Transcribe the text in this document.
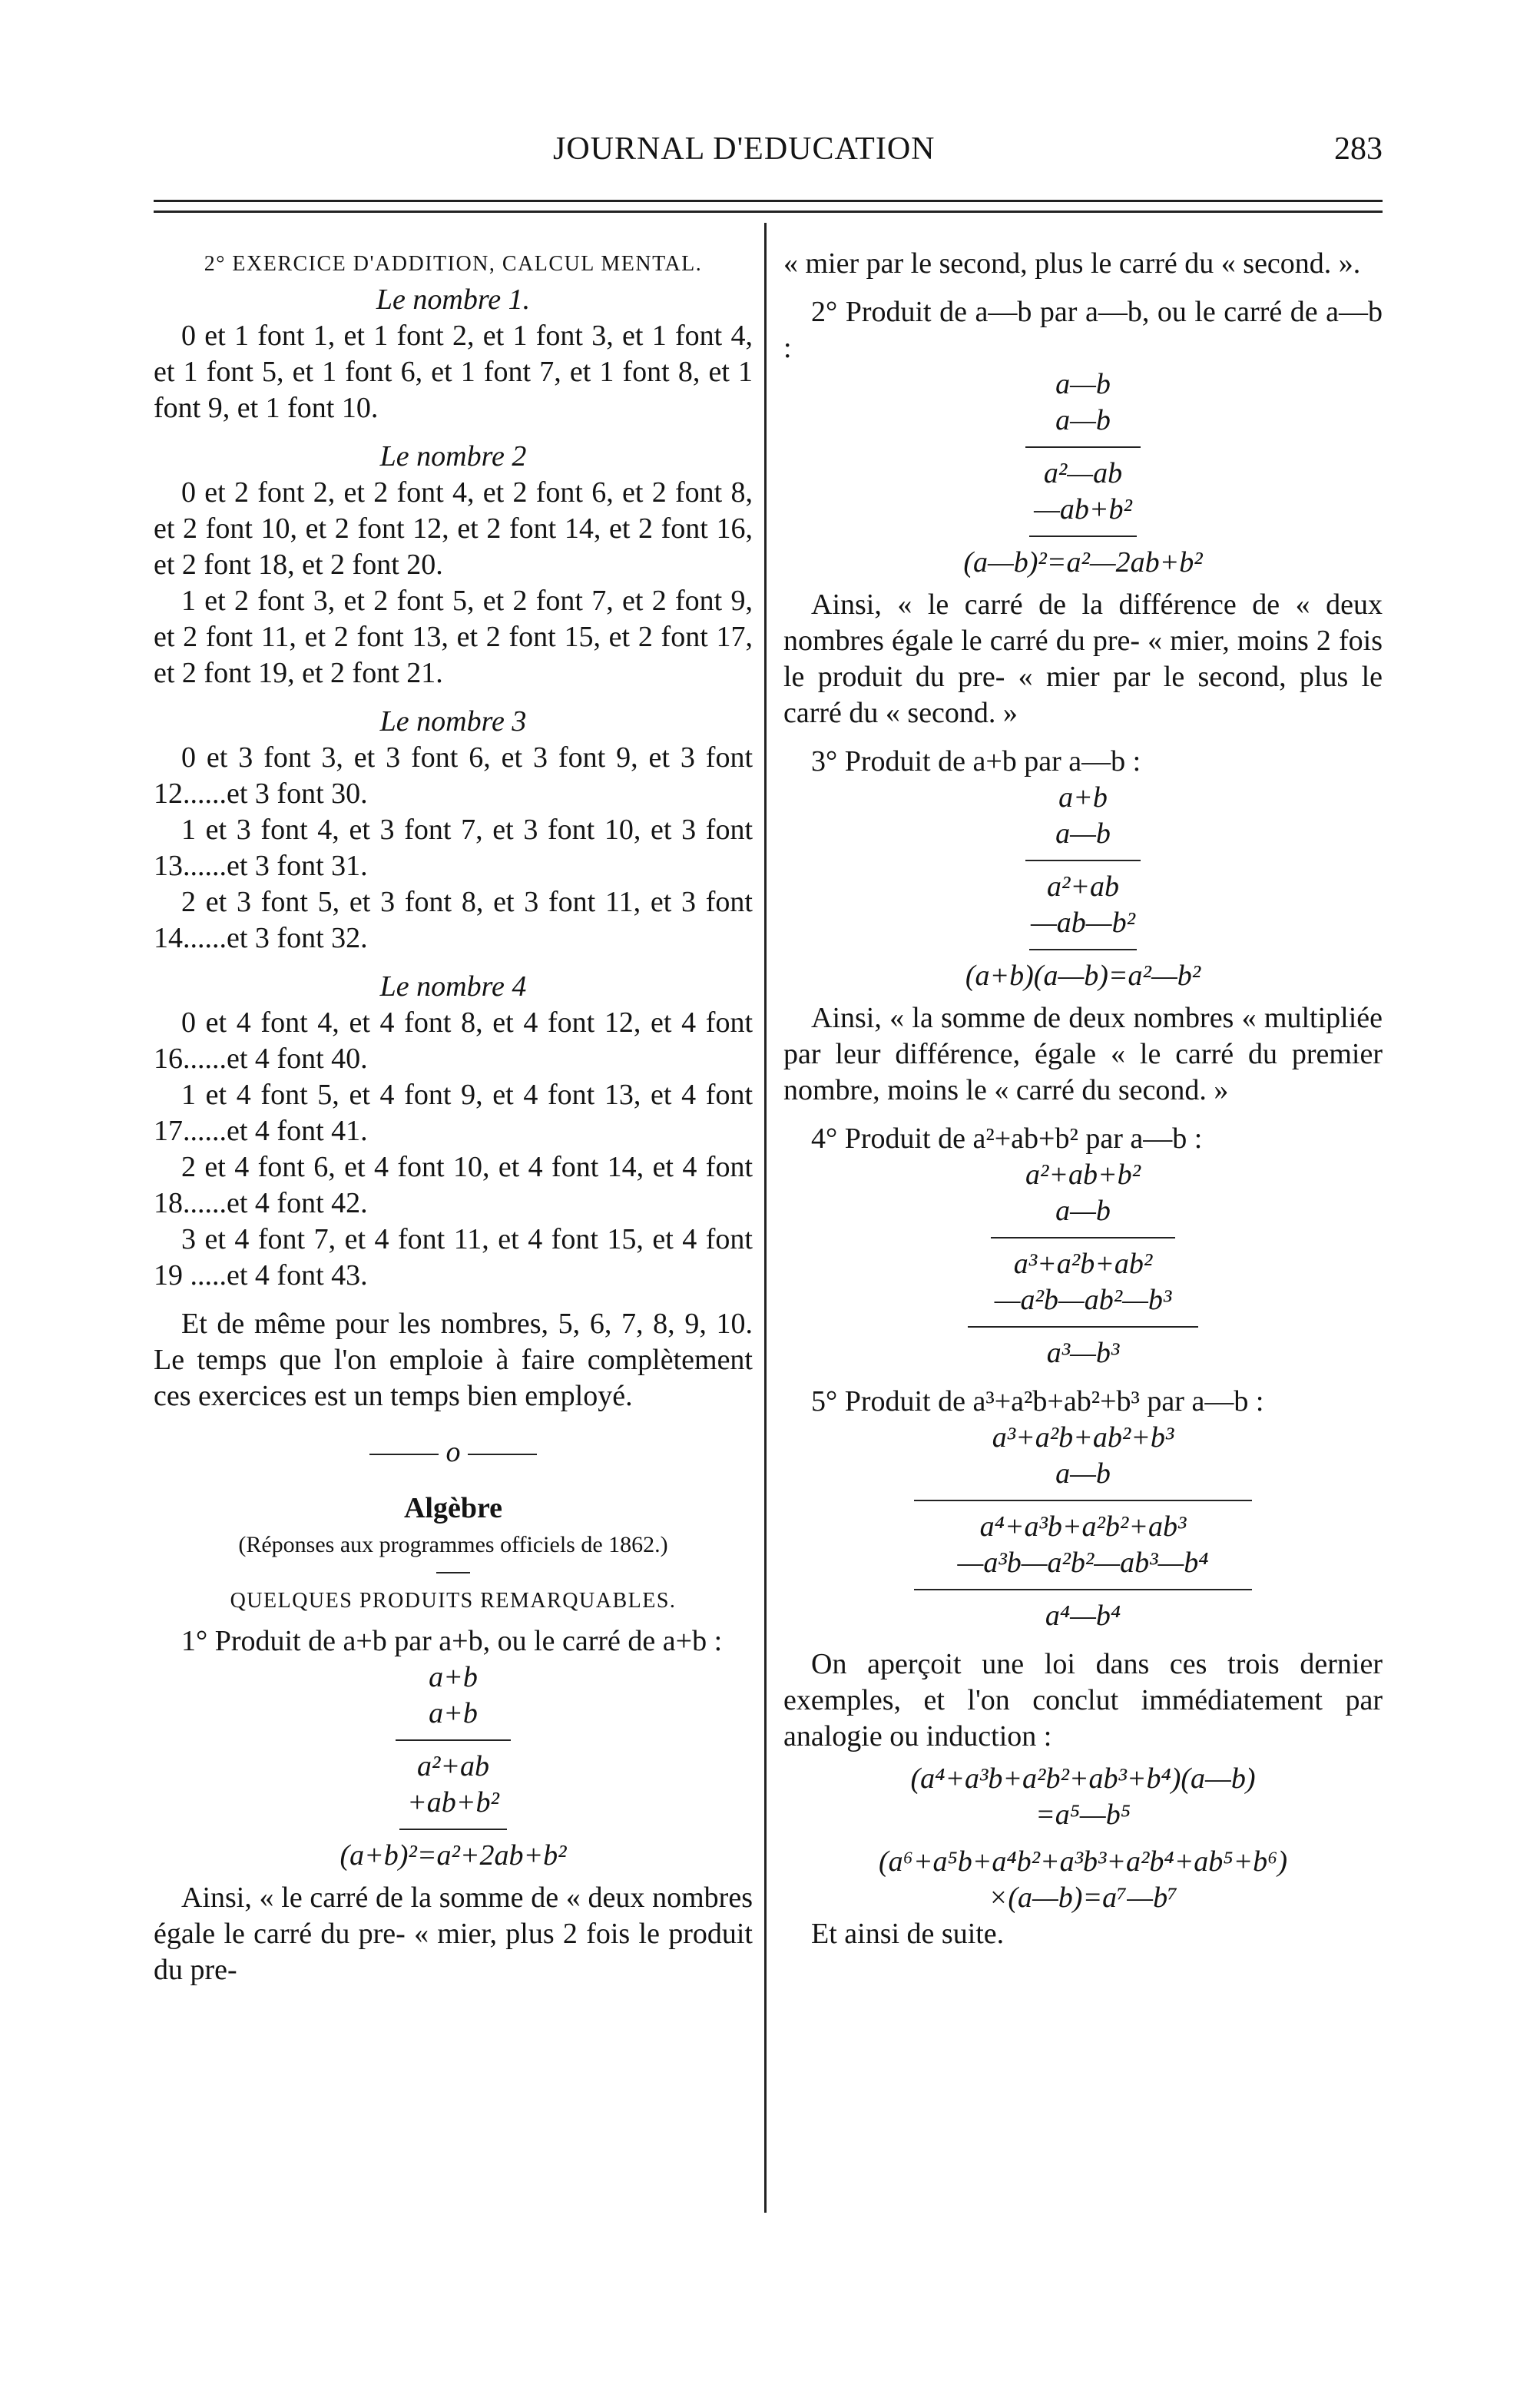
JOURNAL D'EDUCATION	283

2° EXERCICE D'ADDITION, CALCUL MENTAL.

Le nombre 1.

0 et 1 font 1, et 1 font 2, et 1 font 3, et 1 font 4, et 1 font 5, et 1 font 6, et 1 font 7, et 1 font 8, et 1 font 9, et 1 font 10.

Le nombre 2

0 et 2 font 2, et 2 font 4, et 2 font 6, et 2 font 8, et 2 font 10, et 2 font 12, et 2 font 14, et 2 font 16, et 2 font 18, et 2 font 20.

1 et 2 font 3, et 2 font 5, et 2 font 7, et 2 font 9, et 2 font 11, et 2 font 13, et 2 font 15, et 2 font 17, et 2 font 19, et 2 font 21.

Le nombre 3

0 et 3 font 3, et 3 font 6, et 3 font 9, et 3 font 12......et 3 font 30.

1 et 3 font 4, et 3 font 7, et 3 font 10, et 3 font 13......et 3 font 31.

2 et 3 font 5, et 3 font 8, et 3 font 11, et 3 font 14......et 3 font 32.

Le nombre 4

0 et 4 font 4, et 4 font 8, et 4 font 12, et 4 font 16......et 4 font 40.

1 et 4 font 5, et 4 font 9, et 4 font 13, et 4 font 17......et 4 font 41.

2 et 4 font 6, et 4 font 10, et 4 font 14, et 4 font 18......et 4 font 42.

3 et 4 font 7, et 4 font 11, et 4 font 15, et 4 font 19 .....et 4 font 43.

Et de même pour les nombres, 5, 6, 7, 8, 9, 10. Le temps que l'on emploie à faire complètement ces exercices est un temps bien employé.

o

Algèbre

(Réponses aux programmes officiels de 1862.)

QUELQUES PRODUITS REMARQUABLES.

1° Produit de a+b par a+b, ou le carré de a+b :

a+b

a+b

a²+ab

+ab+b²

(a+b)²=a²+2ab+b²

Ainsi, « le carré de la somme de « deux nombres égale le carré du pre- « mier, plus 2 fois le produit du pre-

« mier par le second, plus le carré du « second. ».

2° Produit de a—b par a—b, ou le carré de a—b :

a—b

a—b

a²—ab

—ab+b²

(a—b)²=a²—2ab+b²

Ainsi, « le carré de la différence de « deux nombres égale le carré du pre- « mier, moins 2 fois le produit du pre- « mier par le second, plus le carré du « second. »

3° Produit de a+b par a—b :

a+b

a—b

a²+ab

—ab—b²

(a+b)(a—b)=a²—b²

Ainsi, « la somme de deux nombres « multipliée par leur différence, égale « le carré du premier nombre, moins le « carré du second. »

4° Produit de a²+ab+b² par a—b :

a²+ab+b²

a—b

a³+a²b+ab²

—a²b—ab²—b³

a³—b³

5° Produit de a³+a²b+ab²+b³ par a—b :

a³+a²b+ab²+b³

a—b

a⁴+a³b+a²b²+ab³

—a³b—a²b²—ab³—b⁴

a⁴—b⁴

On aperçoit une loi dans ces trois dernier exemples, et l'on conclut immédiatement par analogie ou induction :

(a⁴+a³b+a²b²+ab³+b⁴)(a—b)

=a⁵—b⁵

(a⁶+a⁵b+a⁴b²+a³b³+a²b⁴+ab⁵+b⁶)

×(a—b)=a⁷—b⁷

Et ainsi de suite.
